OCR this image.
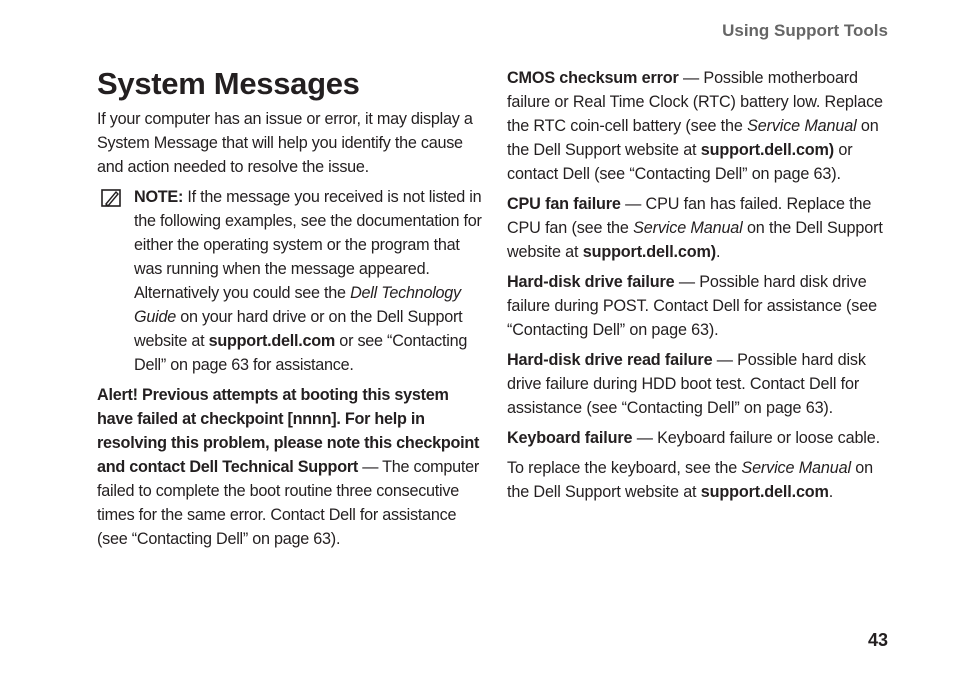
Using Support Tools
System Messages

If your computer has an issue or error, it may display a System Message that will help you identify the cause and action needed to resolve the issue.

NOTE: If the message you received is not listed in the following examples, see the documentation for either the operating system or the program that was running when the message appeared. Alternatively you could see the Dell Technology Guide on your hard drive or on the Dell Support website at support.dell.com or see “Contacting Dell” on page 63 for assistance.

Alert! Previous attempts at booting this system have failed at checkpoint [nnnn]. For help in resolving this problem, please note this checkpoint and contact Dell Technical Support — The computer failed to complete the boot routine three consecutive times for the same error. Contact Dell for assistance (see “Contacting Dell” on page 63).

CMOS checksum error — Possible motherboard failure or Real Time Clock (RTC) battery low. Replace the RTC coin-cell battery (see the Service Manual on the Dell Support website at support.dell.com) or contact Dell (see “Contacting Dell” on page 63).

CPU fan failure — CPU fan has failed. Replace the CPU fan (see the Service Manual on the Dell Support website at support.dell.com).

Hard-disk drive failure — Possible hard disk drive failure during POST. Contact Dell for assistance (see “Contacting Dell” on page 63).

Hard-disk drive read failure — Possible hard disk drive failure during HDD boot test. Contact Dell for assistance (see “Contacting Dell” on page 63).

Keyboard failure — Keyboard failure or loose cable.

To replace the keyboard, see the Service Manual on the Dell Support website at support.dell.com.

43
